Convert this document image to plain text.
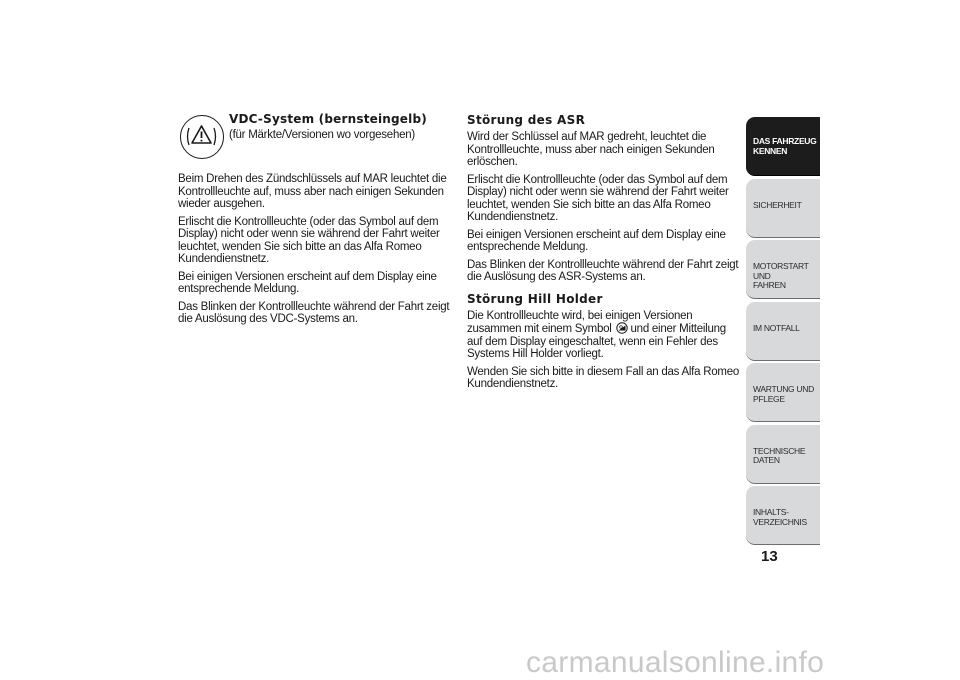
VDC-System (bernsteingelb)
(für Märkte/Versionen wo vorgesehen)

Beim Drehen des Zündschlüssels auf MAR leuchtet die Kontrollleuchte auf, muss aber nach einigen Sekunden wieder ausgehen.

Erlischt die Kontrollleuchte (oder das Symbol auf dem Display) nicht oder wenn sie während der Fahrt weiter leuchtet, wenden Sie sich bitte an das Alfa Romeo Kundendienstnetz.

Bei einigen Versionen erscheint auf dem Display eine entsprechende Meldung.

Das Blinken der Kontrollleuchte während der Fahrt zeigt die Auslösung des VDC-Systems an.

Störung des ASR

Wird der Schlüssel auf MAR gedreht, leuchtet die Kontrollleuchte, muss aber nach einigen Sekunden erlöschen.

Erlischt die Kontrollleuchte (oder das Symbol auf dem Display) nicht oder wenn sie während der Fahrt weiter leuchtet, wenden Sie sich bitte an das Alfa Romeo Kundendienstnetz.

Bei einigen Versionen erscheint auf dem Display eine entsprechende Meldung.

Das Blinken der Kontrollleuchte während der Fahrt zeigt die Auslösung des ASR-Systems an.

Störung Hill Holder

Die Kontrollleuchte wird, bei einigen Versionen zusammen mit einem Symbol und einer Mitteilung auf dem Display eingeschaltet, wenn ein Fehler des Systems Hill Holder vorliegt.

Wenden Sie sich bitte in diesem Fall an das Alfa Romeo Kundendienstnetz.

DAS FAHRZEUG
KENNEN
SICHERHEIT
MOTORSTART UND
FAHREN
IM NOTFALL
WARTUNG UND
PFLEGE
TECHNISCHE DATEN
INHALTS-
VERZEICHNIS
13
carmanualsonline.info
